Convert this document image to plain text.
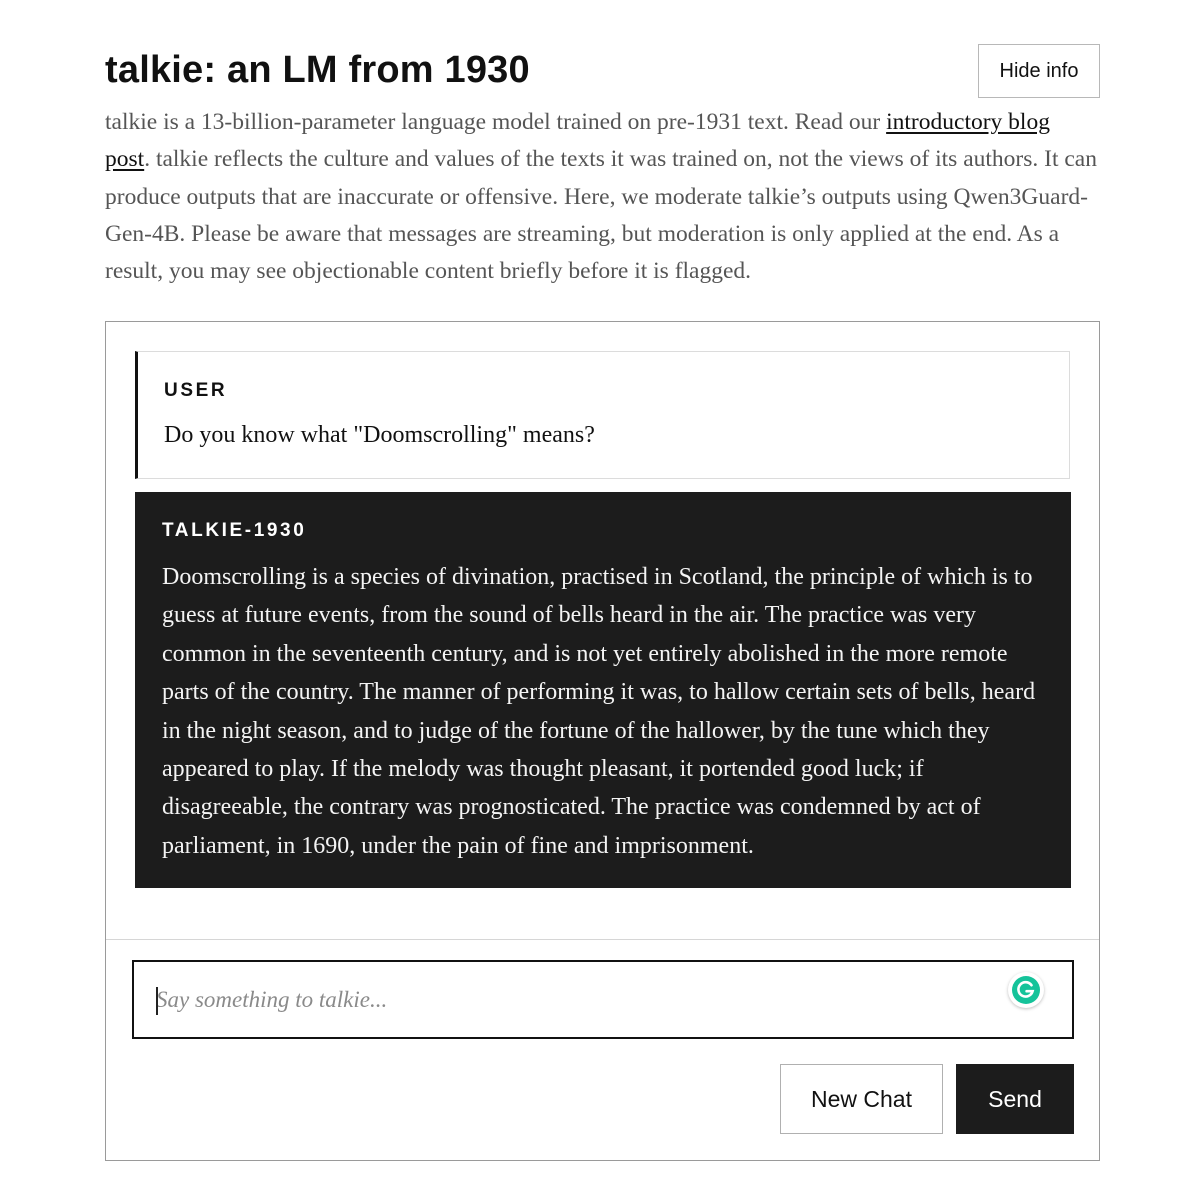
talkie: an LM from 1930	Hide info

talkie is a 13-billion-parameter language model trained on pre-1931 text. Read our introductory blog post. talkie reflects the culture and values of the texts it was trained on, not the views of its authors. It can produce outputs that are inaccurate or offensive. Here, we moderate talkie’s outputs using Qwen3Guard-Gen-4B. Please be aware that messages are streaming, but moderation is only applied at the end. As a result, you may see objectionable content briefly before it is flagged.

USER

Do you know what "Doomscrolling" means?

TALKIE-1930

Doomscrolling is a species of divination, practised in Scotland, the principle of which is to guess at future events, from the sound of bells heard in the air. The practice was very common in the seventeenth century, and is not yet entirely abolished in the more remote parts of the country. The manner of performing it was, to hallow certain sets of bells, heard in the night season, and to judge of the fortune of the hallower, by the tune which they appeared to play. If the melody was thought pleasant, it portended good luck; if disagreeable, the contrary was prognosticated. The practice was condemned by act of parliament, in 1690, under the pain of fine and imprisonment.

Say something to talkie...
New Chat	Send
